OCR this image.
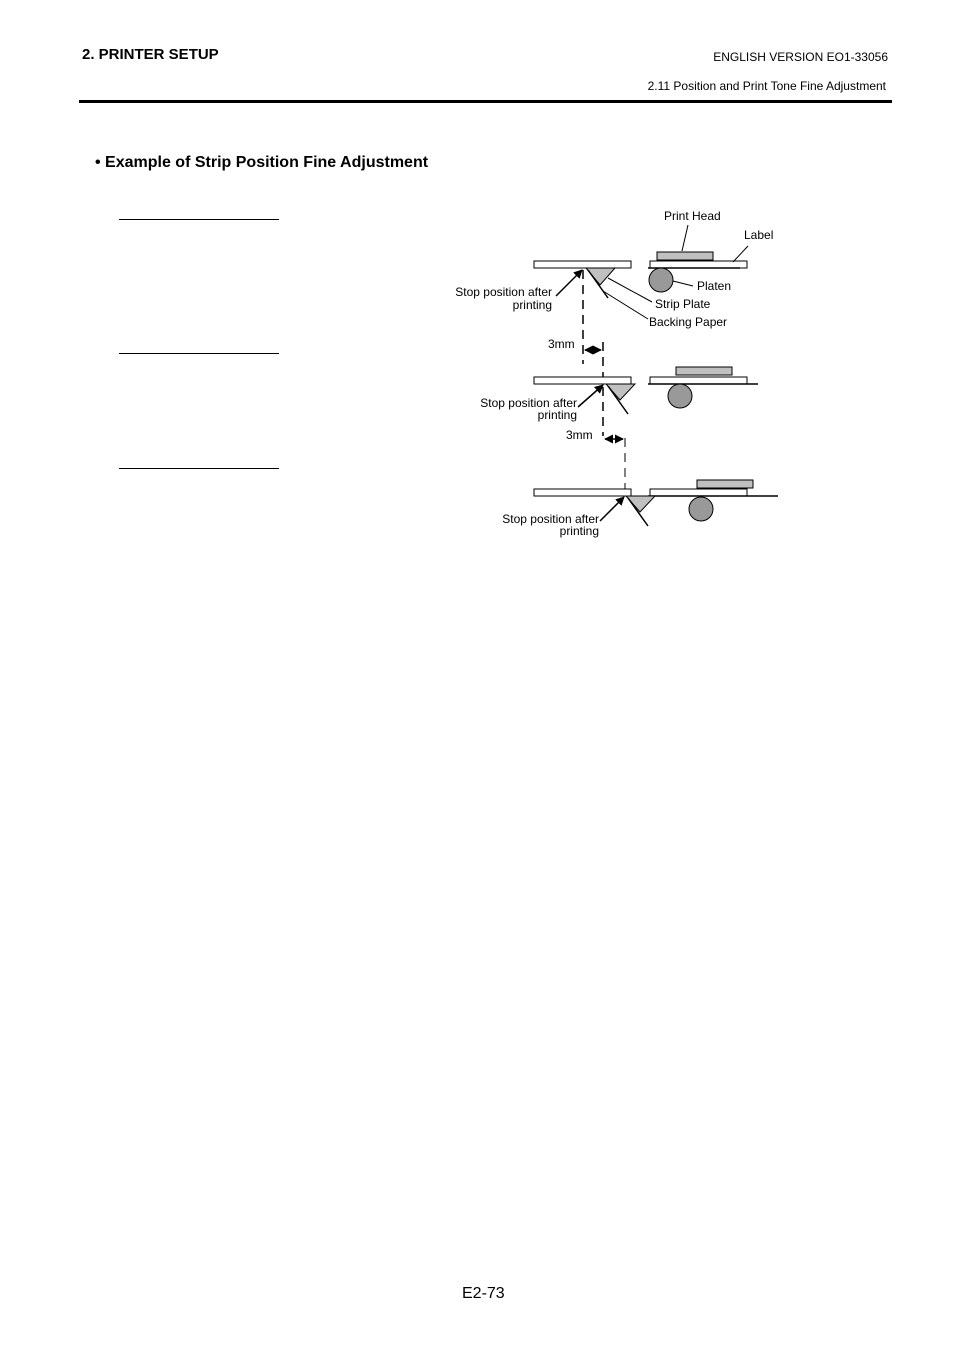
2. PRINTER SETUP	ENGLISH VERSION EO1-33056
2.11 Position and Print Tone Fine Adjustment
• Example of Strip Position Fine Adjustment
Print Head
Label
Platen
Strip Plate
Backing Paper
Stop position after
printing
3mm
Stop position after
printing
3mm
Stop position after
printing
E2-73
